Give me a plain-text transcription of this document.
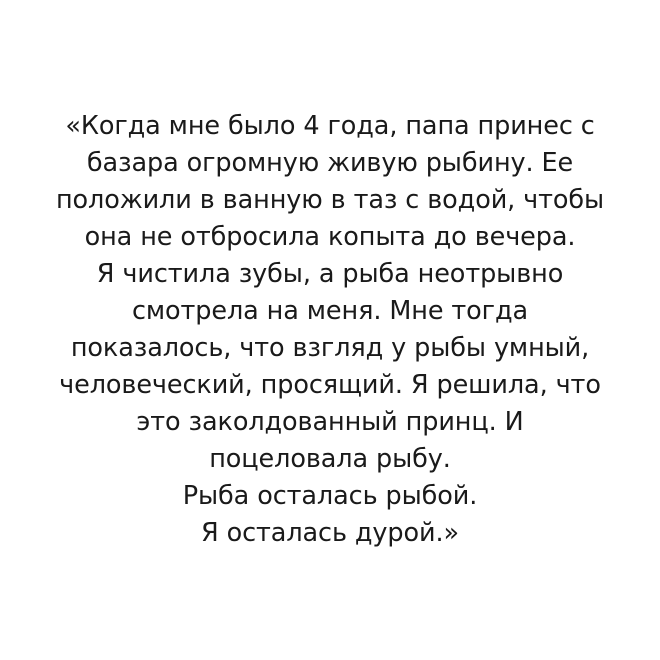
«Когда мне было 4 года, папа принес с
базара огромную живую рыбину. Ее
положили в ванную в таз с водой, чтобы
она не отбросила копыта до вечера.
Я чистила зубы, а рыба неотрывно
смотрела на меня. Мне тогда
показалось, что взгляд у рыбы умный,
человеческий, просящий. Я решила, что
это заколдованный принц. И
поцеловала рыбу.
Рыба осталась рыбой.
Я осталась дурой.»
